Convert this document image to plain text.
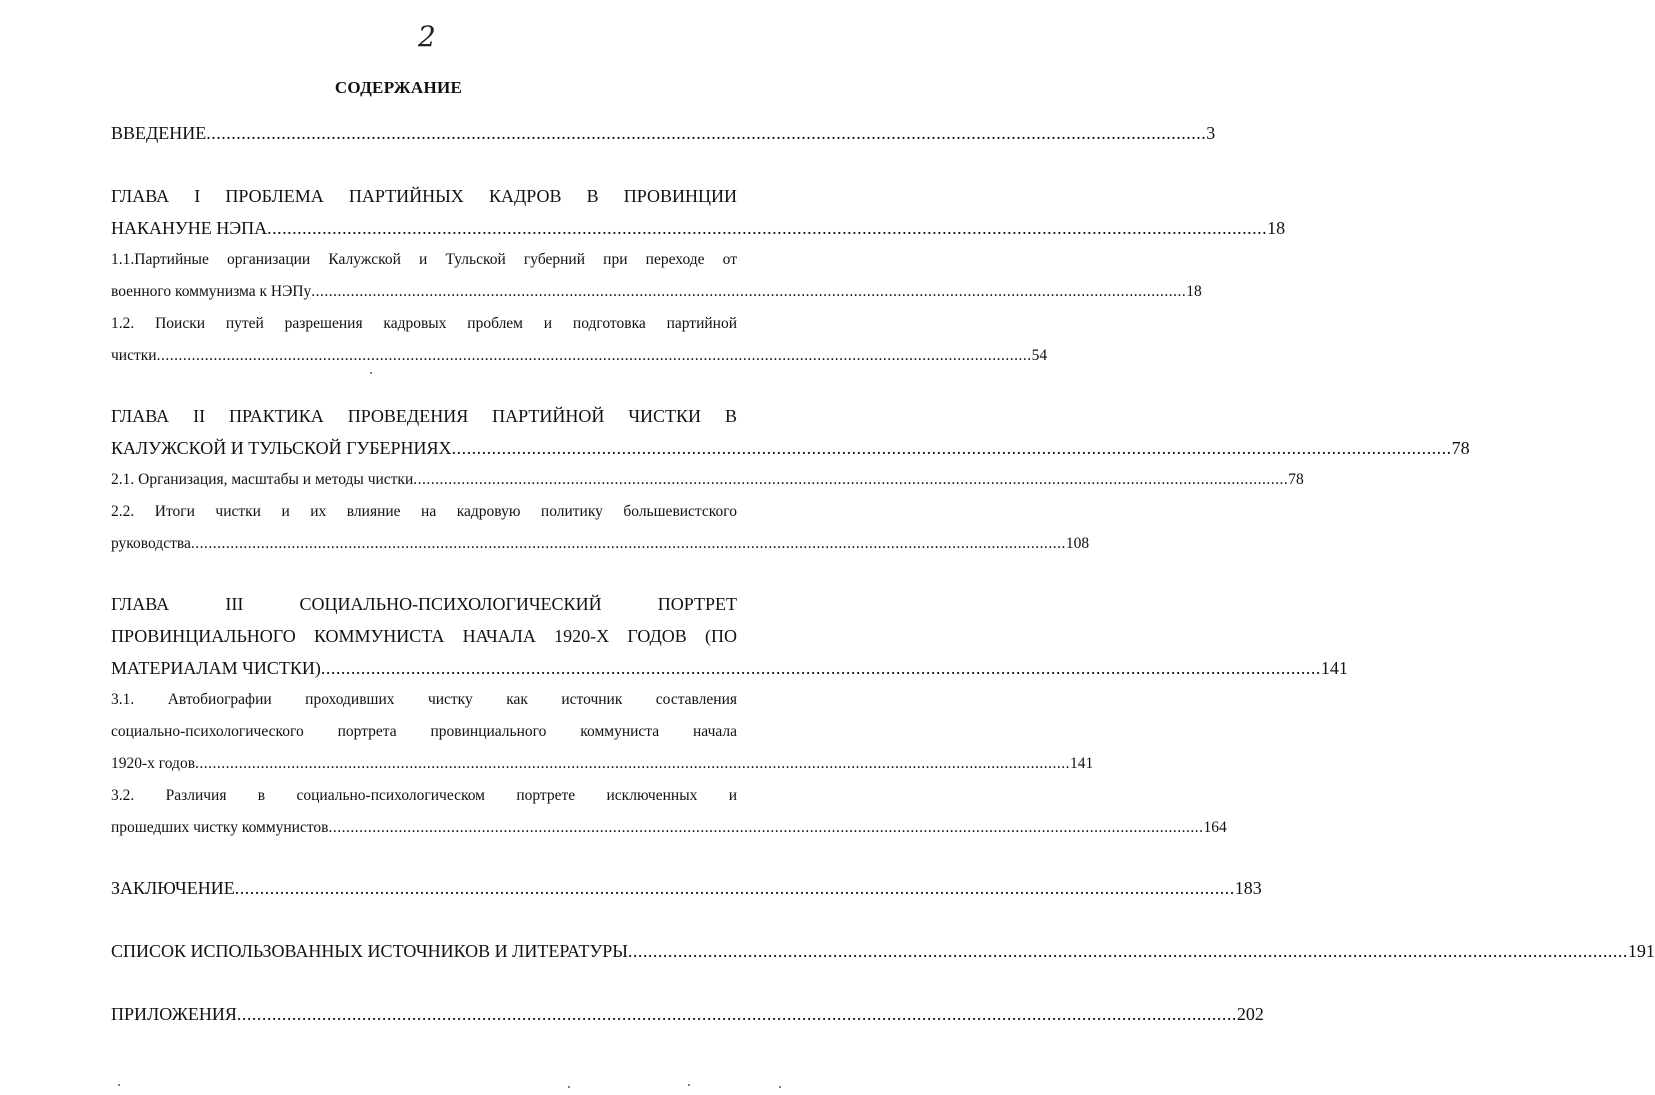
2
СОДЕРЖАНИЕ
ВВЕДЕНИЕ ........................................................................................................................................................................................................ 3
ГЛАВА I ПРОБЛЕМА ПАРТИЙНЫХ КАДРОВ В ПРОВИНЦИИ
НАКАНУНЕ НЭПА ........................................................................................................................................................................................................ 18
1.1.Партийные организации Калужской и Тульской губерний при переходе от
военного коммунизма к НЭПу ........................................................................................................................................................................................................ 18
1.2. Поиски путей разрешения кадровых проблем и подготовка партийной
чистки ........................................................................................................................................................................................................ 54
ГЛАВА II ПРАКТИКА ПРОВЕДЕНИЯ ПАРТИЙНОЙ ЧИСТКИ В
КАЛУЖСКОЙ И ТУЛЬСКОЙ ГУБЕРНИЯХ ........................................................................................................................................................................................................ 78
2.1. Организация, масштабы и методы чистки ........................................................................................................................................................................................................ 78
2.2. Итоги чистки и их влияние на кадровую политику большевистского
руководства ........................................................................................................................................................................................................ 108
ГЛАВА III СОЦИАЛЬНО-ПСИХОЛОГИЧЕСКИЙ ПОРТРЕТ
ПРОВИНЦИАЛЬНОГО КОММУНИСТА НАЧАЛА 1920-Х ГОДОВ (ПО
МАТЕРИАЛАМ ЧИСТКИ) ........................................................................................................................................................................................................ 141
3.1. Автобиографии проходивших чистку как источник составления
социально-психологического портрета провинциального коммуниста начала
1920-х годов ........................................................................................................................................................................................................ 141
3.2. Различия в социально-психологическом портрете исключенных и
прошедших чистку коммунистов ........................................................................................................................................................................................................ 164
ЗАКЛЮЧЕНИЕ ........................................................................................................................................................................................................ 183
СПИСОК ИСПОЛЬЗОВАННЫХ ИСТОЧНИКОВ И ЛИТЕРАТУРЫ ........................................................................................................................................................................................................ 191
ПРИЛОЖЕНИЯ ........................................................................................................................................................................................................ 202
